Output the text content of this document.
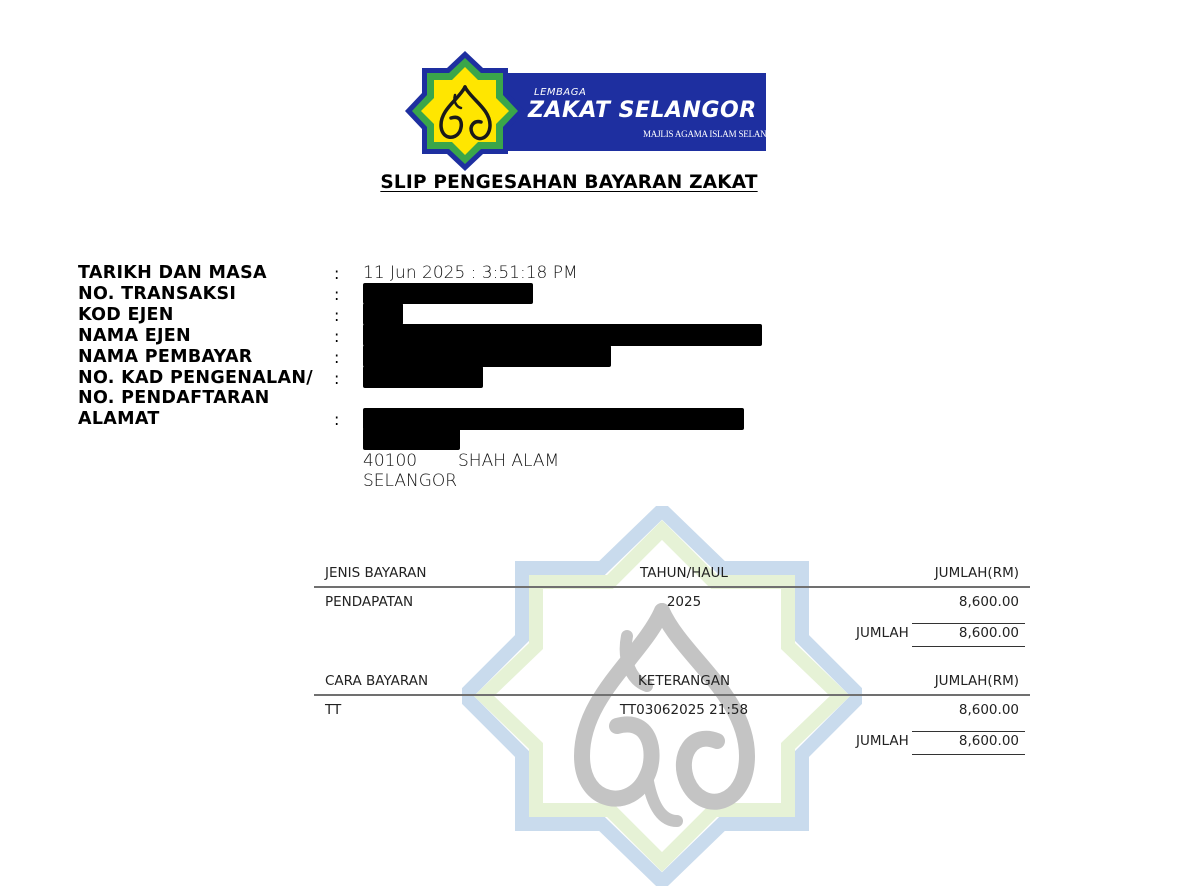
LEMBAGA
ZAKAT SELANGOR
MAJLIS AGAMA ISLAM SELANGOR
SLIP PENGESAHAN BAYARAN ZAKAT
TARIKH DAN MASA	: 11 Jun 2025 : 3:51:18 PM
NO. TRANSAKSI	:
KOD EJEN	:
NAMA EJEN	:
NAMA PEMBAYAR	:
NO. KAD PENGENALAN/
NO. PENDAFTARAN
:
ALAMAT	:
40100 SHAH ALAM
SELANGOR
JENIS BAYARAN	TAHUN/HAUL	JUMLAH(RM)
PENDAPATAN	2025	8,600.00
JUMLAH	8,600.00
CARA BAYARAN	KETERANGAN	JUMLAH(RM)
TT	TT03062025 21:58	8,600.00
JUMLAH	8,600.00
